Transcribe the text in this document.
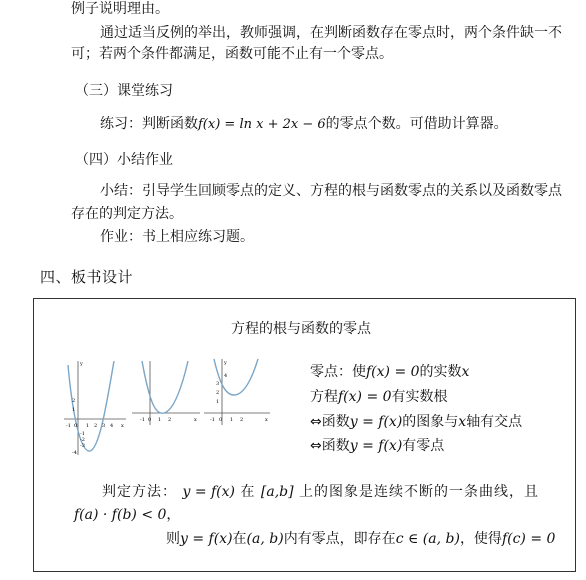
例子说明理由。
通过适当反例的举出，教师强调，在判断函数存在零点时，两个条件缺一不
可；若两个条件都满足，函数可能不止有一个零点。
（三）课堂练习
练习：判断函数f(x) = ln x + 2x − 6的零点个数。可借助计算器。
（四）小结作业
小结：引导学生回顾零点的定义、方程的根与函数零点的关系以及函数零点
存在的判定方法。
作业：书上相应练习题。
四、板书设计
方程的根与函数的零点
-1 0 1 2 3 4 x
2
1
-1
-2
-3
-4
y
-1 0 1 2	x
4
3
2
1
-1 0 1 2	x
y
零点：使f(x) = 0的实数x
方程f(x) = 0有实数根
⇔函数y = f(x)的图象与x轴有交点
⇔函数y = f(x)有零点
判定方法： y = f(x) 在 [a,b] 上的图象是连续不断的一条曲线，且
f(a) · f(b) < 0，
则y = f(x)在(a, b)内有零点，即存在c ∈ (a, b)，使得f(c) = 0
